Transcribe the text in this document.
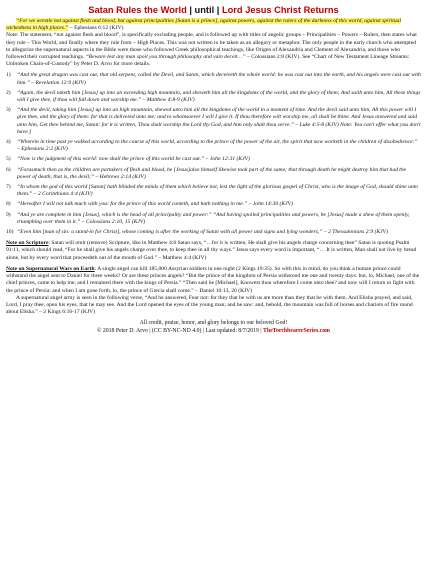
Satan Rules the World | until | Lord Jesus Christ Returns

“For we wrestle not against flesh and blood, but against principalities [Satan is a prince], against powers, against the rulers of the darkness of this world, against spiritual wickedness in high places.” – Ephesians 6:12 (KJV)

Note: The statement, “not against flesh and blood”, is specifically excluding people, and is followed up with titles of angelic groups – Principalities – Powers – Rulers, then states what they rule – This World, and finally where they rule from – High Places. This was not written to be taken as an allegory or metaphor. The only people in the early church who attempted to allegorize the supernatural aspects in the Bible were those who followed Greek philosophical teachings, like Origen of Alexandria and Clement of Alexandria, and those who followed their corrupted teachings. “Beware lest any man spoil you through philosophy and vain deceit…” – Colossians 2:8 (KJV). See “Chart of New Testament Lineage Streams: Unbroken Chain-of-Custody” by Peter D. Arvo for more details.

1)	“And the great dragon was cast out, that old serpent, called the Devil, and Satan, which deceiveth the whole world: he was cast out into the earth, and his angels were cast out with him.” – Revelation 12:9 (KJV)
2)	“Again, the devil taketh him [Jesus] up into an exceeding high mountain, and sheweth him all the kingdoms of the world, and the glory of them; And saith unto him, All these things will I give thee, if thou wilt fall down and worship me.” – Matthew 4:8-9 (KJV)
3)	“And the devil, taking him [Jesus] up into an high mountain, shewed unto him all the kingdoms of the world in a moment of time. And the devil said unto him, All this power will I give thee, and the glory of them: for that is delivered unto me; and to whomsoever I will I give it. If thou therefore wilt worship me, all shall be thine. And Jesus answered and said unto him, Get thee behind me, Satan: for it is written, Thou shalt worship the Lord thy God, and him only shalt thou serve.” – Luke 4:5-8 (KJV) Note: You can't offer what you don't have.]
4)	“Wherein in time past ye walked according to the course of this world, according to the prince of the power of the air, the spirit that now worketh in the children of disobedience:” – Ephesians 2:2 (KJV)
5)	“Now is the judgment of this world: now shall the prince of this world be cast out.” – John 12:31 (KJV)
6)	“Forasmuch then as the children are partakers of flesh and blood, he [Jesus]also himself likewise took part of the same; that through death he might destroy him that had the power of death, that is, the devil;” – Hebrews 2:14 (KJV)
7)	“In whom the god of this world [Satan] hath blinded the minds of them which believe not, lest the light of the glorious gospel of Christ, who is the image of God, should shine unto them.” – 2 Corinthians 4:4 (KJV)
8)	“Hereafter I will not talk much with you: for the prince of this world cometh, and hath nothing in me.” – John 14:30 (KJV)
9)	“And ye are complete in him [Jesus], which is the head of all principality and power:” “And having spoiled principalities and powers, he [Jesus] made a shew of them openly, triumphing over them in it.” – Colossians 2:10, 15 (KJV)
10) “Even him [man of sin: a stand-in for Christ], whose coming is after the working of Satan with all power and signs and lying wonders,” – 2 Thessalonians 2:9 (KJV)

Note on Scripture: Satan will omit (remove) Scripture, like in Matthew 4:6 Satan says, “…for it is written, He shall give his angels charge concerning thee” Satan is quoting Psalm 91:11, which should read, “For he shall give his angels charge over thee, to keep thee in all thy ways.” Jesus says every word is important, “… It is written, Man shall not live by bread alone, but by every word that proceedeth out of the mouth of God.” – Matthew 4:4 (KJV)

Note on Supernatural Wars on Earth: A single angel can kill 185,000 Assyrian soldiers in one night (2 Kings 19:35). So with this in mind, do you think a human prince could withstand the angel sent to Daniel for three weeks? Or are these princes angels? “But the prince of the kingdom of Persia withstood me one and twenty days: but, lo, Michael, one of the chief princes, came to help me; and I remained there with the kings of Persia.” “Then said he [Michael], Knowest thou wherefore I come unto thee? and now will I return to fight with the prince of Persia: and when I am gone forth, lo, the prince of Grecia shall come.” – Daniel 10:13, 20 (KJV)

A supernatural angel army is seen in the following verse, “And he answered, Fear not: for they that be with us are more than they that be with them. And Elisha prayed, and said, Lord, I pray thee, open his eyes, that he may see. And the Lord opened the eyes of the young man; and he saw: and, behold, the mountain was full of horses and chariots of fire round about Elisha.” – 2 Kings 6:16-17 (KJV)

All credit, praise, honor, and glory belongs to our beloved God!
© 2018 Peter D. Arvo | (CC BY-NC-ND 4.0) | Last updated: 8/7/2019 | TheTorchbearerSeries.com
